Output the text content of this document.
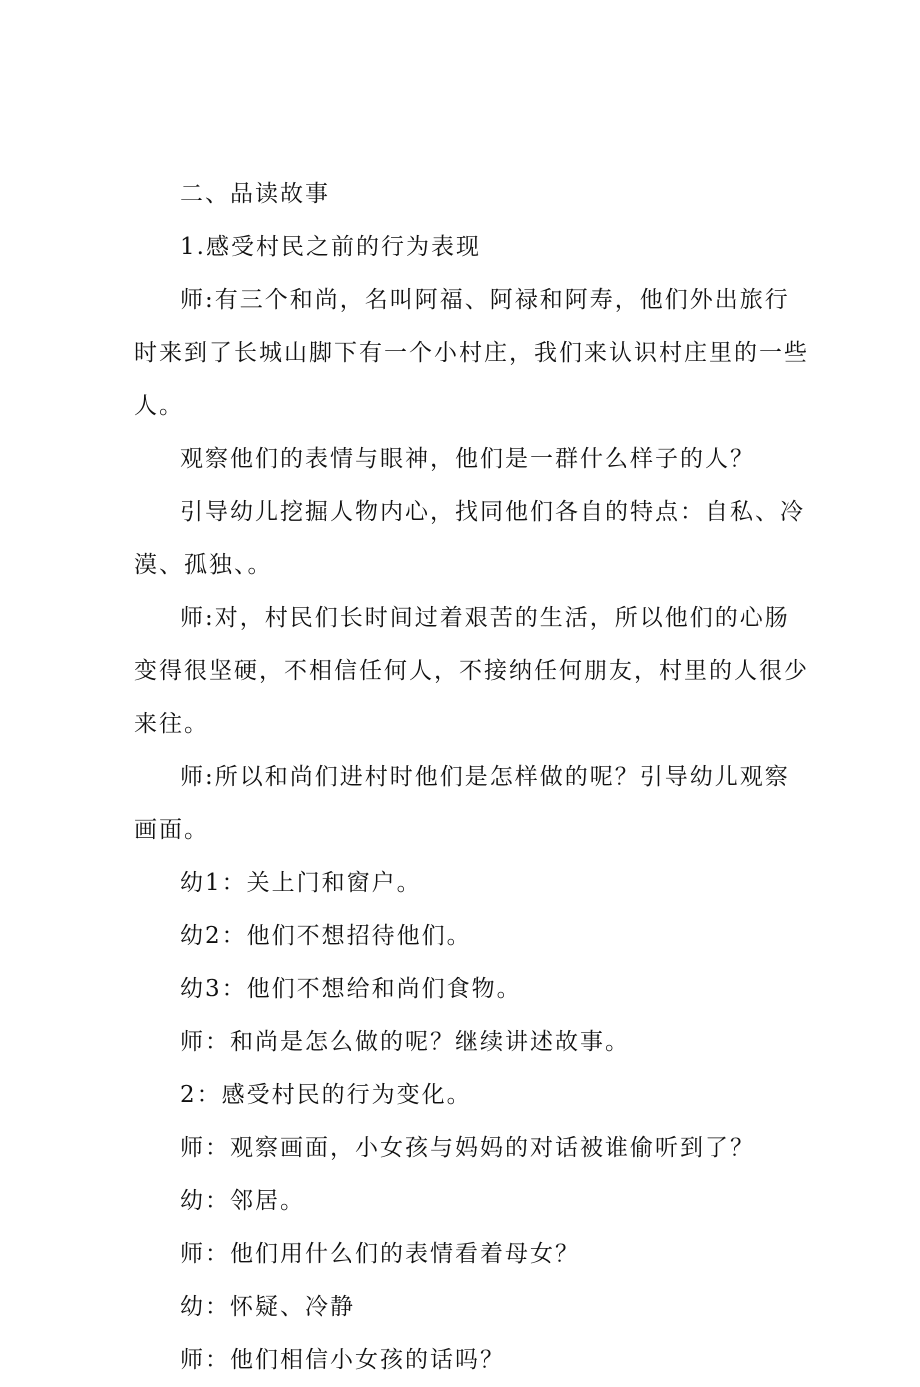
二、品读故事

1.感受村民之前的行为表现

师:有三个和尚，名叫阿福、阿禄和阿寿，他们外出旅行时来到了长城山脚下有一个小村庄，我们来认识村庄里的一些人。

观察他们的表情与眼神，他们是一群什么样子的人？

引导幼儿挖掘人物内心，找同他们各自的特点：自私、冷漠、孤独、。

师:对，村民们长时间过着艰苦的生活，所以他们的心肠变得很坚硬，不相信任何人，不接纳任何朋友，村里的人很少来往。

师:所以和尚们进村时他们是怎样做的呢？引导幼儿观察画面。

幼1：关上门和窗户。

幼2：他们不想招待他们。

幼3：他们不想给和尚们食物。

师：和尚是怎么做的呢？继续讲述故事。

2：感受村民的行为变化。

师：观察画面，小女孩与妈妈的对话被谁偷听到了？

幼：邻居。

师：他们用什么们的表情看着母女？

幼：怀疑、冷静

师：他们相信小女孩的话吗？
